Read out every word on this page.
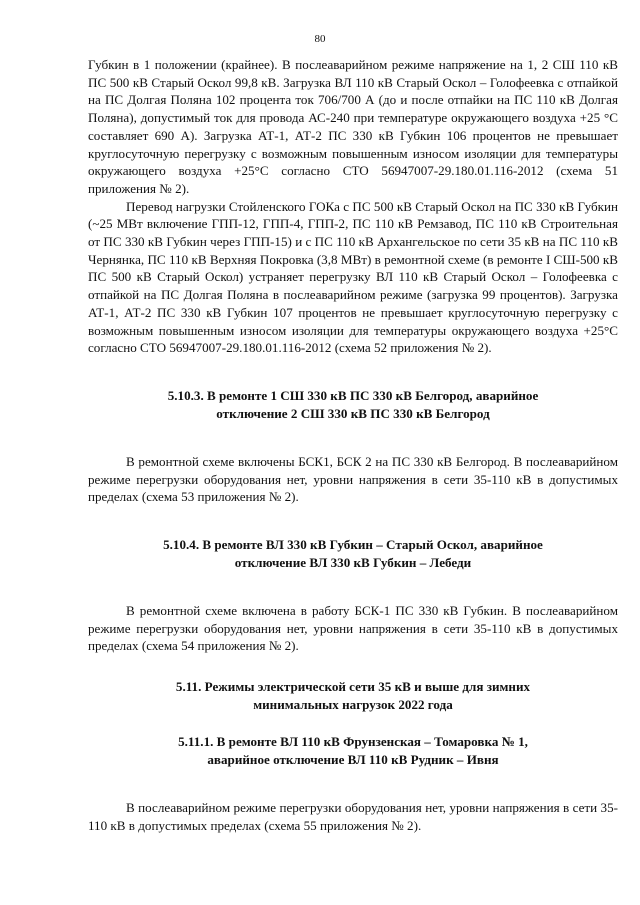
80

Губкин в 1 положении (крайнее). В послеаварийном режиме напряжение на 1, 2 СШ 110 кВ ПС 500 кВ Старый Оскол 99,8 кВ. Загрузка ВЛ 110 кВ Старый Оскол – Голофеевка с отпайкой на ПС Долгая Поляна 102 процента ток 706/700 А (до и после отпайки на ПС 110 кВ Долгая Поляна), допустимый ток для провода АС-240 при температуре окружающего воздуха +25 °С составляет 690 А). Загрузка АТ-1, АТ-2 ПС 330 кВ Губкин 106 процентов не превышает круглосуточную перегрузку с возможным повышенным износом изоляции для температуры окружающего воздуха +25°С согласно СТО 56947007-29.180.01.116-2012 (схема 51 приложения № 2).

Перевод нагрузки Стойленского ГОКа с ПС 500 кВ Старый Оскол на ПС 330 кВ Губкин (~25 МВт включение ГПП-12, ГПП-4, ГПП-2, ПС 110 кВ Ремзавод, ПС 110 кВ Строительная от ПС 330 кВ Губкин через ГПП-15) и с ПС 110 кВ Архангельское по сети 35 кВ на ПС 110 кВ Чернянка, ПС 110 кВ Верхняя Покровка (3,8 МВт) в ремонтной схеме (в ремонте I СШ-500 кВ ПС 500 кВ Старый Оскол) устраняет перегрузку ВЛ 110 кВ Старый Оскол – Голофеевка с отпайкой на ПС Долгая Поляна в послеаварийном режиме (загрузка 99 процентов). Загрузка АТ-1, АТ-2 ПС 330 кВ Губкин 107 процентов не превышает круглосуточную перегрузку с возможным повышенным износом изоляции для температуры окружающего воздуха +25°С согласно СТО 56947007-29.180.01.116-2012 (схема 52 приложения № 2).

5.10.3. В ремонте 1 СШ 330 кВ ПС 330 кВ Белгород, аварийное
отключение 2 СШ 330 кВ ПС 330 кВ Белгород

В ремонтной схеме включены БСК1, БСК 2 на ПС 330 кВ Белгород. В послеаварийном режиме перегрузки оборудования нет, уровни напряжения в сети 35-110 кВ в допустимых пределах (схема 53 приложения № 2).

5.10.4. В ремонте ВЛ 330 кВ Губкин – Старый Оскол, аварийное
отключение ВЛ 330 кВ Губкин – Лебеди

В ремонтной схеме включена в работу БСК-1 ПС 330 кВ Губкин. В послеаварийном режиме перегрузки оборудования нет, уровни напряжения в сети 35-110 кВ в допустимых пределах (схема 54 приложения № 2).

5.11. Режимы электрической сети 35 кВ и выше для зимних
минимальных нагрузок 2022 года
5.11.1. В ремонте ВЛ 110 кВ Фрунзенская – Томаровка № 1,
аварийное отключение ВЛ 110 кВ Рудник – Ивня

В послеаварийном режиме перегрузки оборудования нет, уровни напряжения в сети 35-110 кВ в допустимых пределах (схема 55 приложения № 2).
